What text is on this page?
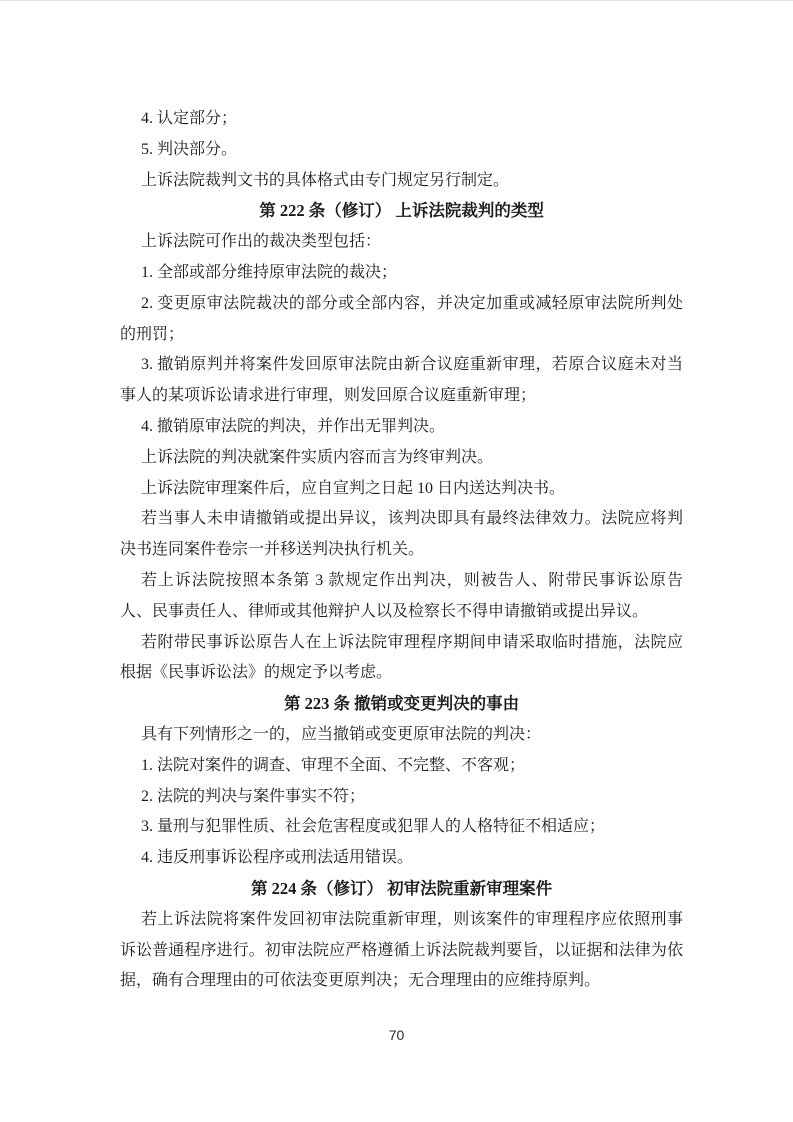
4. 认定部分；

5. 判决部分。

上诉法院裁判文书的具体格式由专门规定另行制定。

第 222 条（修订） 上诉法院裁判的类型

上诉法院可作出的裁决类型包括：

1. 全部或部分维持原审法院的裁决；

2. 变更原审法院裁决的部分或全部内容，并决定加重或减轻原审法院所判处的刑罚；

3. 撤销原判并将案件发回原审法院由新合议庭重新审理，若原合议庭未对当事人的某项诉讼请求进行审理，则发回原合议庭重新审理；

4. 撤销原审法院的判决，并作出无罪判决。

上诉法院的判决就案件实质内容而言为终审判决。

上诉法院审理案件后，应自宣判之日起 10 日内送达判决书。

若当事人未申请撤销或提出异议，该判决即具有最终法律效力。法院应将判决书连同案件卷宗一并移送判决执行机关。

若上诉法院按照本条第 3 款规定作出判决，则被告人、附带民事诉讼原告人、民事责任人、律师或其他辩护人以及检察长不得申请撤销或提出异议。

若附带民事诉讼原告人在上诉法院审理程序期间申请采取临时措施，法院应根据《民事诉讼法》的规定予以考虑。

第 223 条 撤销或变更判决的事由

具有下列情形之一的，应当撤销或变更原审法院的判决：

1. 法院对案件的调查、审理不全面、不完整、不客观；

2. 法院的判决与案件事实不符；

3. 量刑与犯罪性质、社会危害程度或犯罪人的人格特征不相适应；

4. 违反刑事诉讼程序或刑法适用错误。

第 224 条（修订） 初审法院重新审理案件

若上诉法院将案件发回初审法院重新审理，则该案件的审理程序应依照刑事诉讼普通程序进行。初审法院应严格遵循上诉法院裁判要旨，以证据和法律为依据，确有合理理由的可依法变更原判决；无合理理由的应维持原判。

70
